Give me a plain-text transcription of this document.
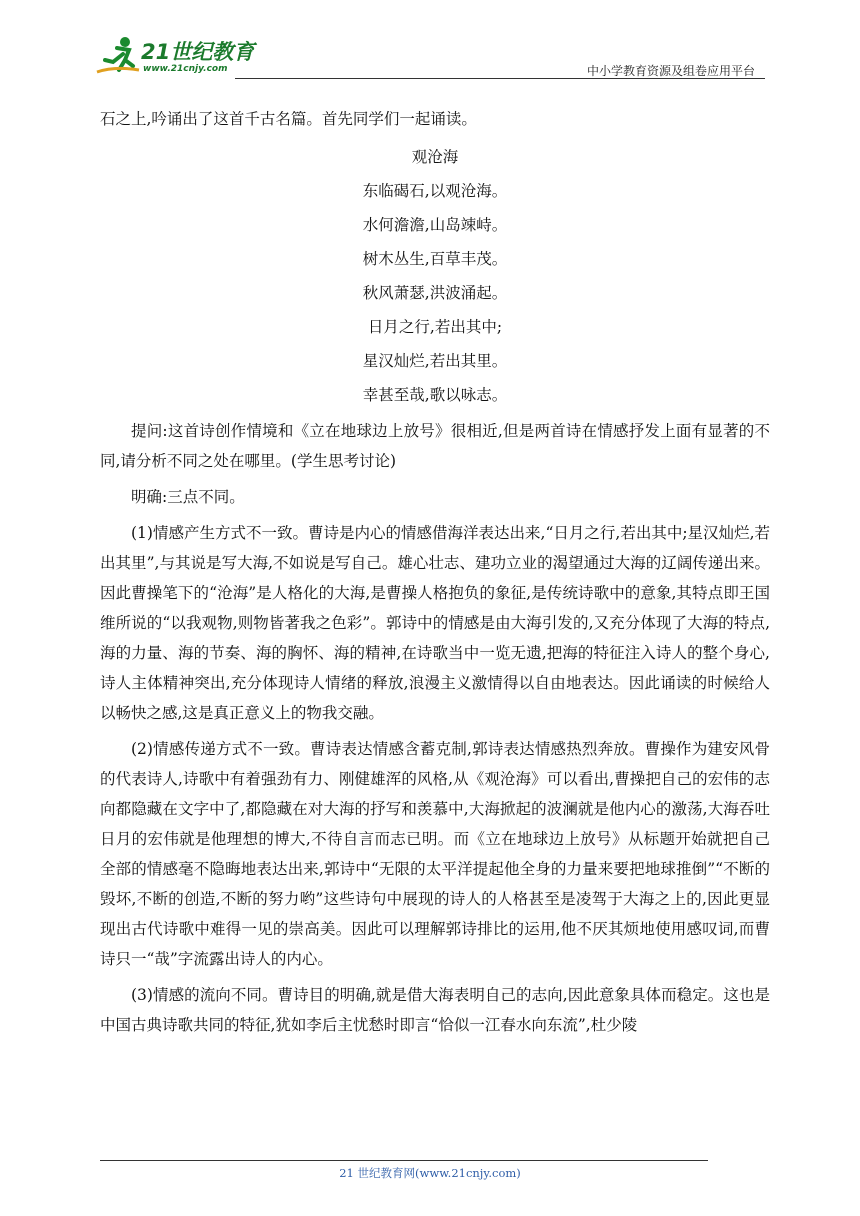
21世纪教育
www.21cnjy.com	中小学教育资源及组卷应用平台

石之上,吟诵出了这首千古名篇。首先同学们一起诵读。

观沧海

东临碣石,以观沧海。

水何澹澹,山岛竦峙。

树木丛生,百草丰茂。

秋风萧瑟,洪波涌起。

日月之行,若出其中;

星汉灿烂,若出其里。

幸甚至哉,歌以咏志。

提问:这首诗创作情境和《立在地球边上放号》很相近,但是两首诗在情感抒发上面有显著的不同,请分析不同之处在哪里。(学生思考讨论)

明确:三点不同。

(1)情感产生方式不一致。曹诗是内心的情感借海洋表达出来,“日月之行,若出其中;星汉灿烂,若出其里”,与其说是写大海,不如说是写自己。雄心壮志、建功立业的渴望通过大海的辽阔传递出来。因此曹操笔下的“沧海”是人格化的大海,是曹操人格抱负的象征,是传统诗歌中的意象,其特点即王国维所说的“以我观物,则物皆著我之色彩”。郭诗中的情感是由大海引发的,又充分体现了大海的特点,海的力量、海的节奏、海的胸怀、海的精神,在诗歌当中一览无遗,把海的特征注入诗人的整个身心,诗人主体精神突出,充分体现诗人情绪的释放,浪漫主义激情得以自由地表达。因此诵读的时候给人以畅快之感,这是真正意义上的物我交融。

(2)情感传递方式不一致。曹诗表达情感含蓄克制,郭诗表达情感热烈奔放。曹操作为建安风骨的代表诗人,诗歌中有着强劲有力、刚健雄浑的风格,从《观沧海》可以看出,曹操把自己的宏伟的志向都隐藏在文字中了,都隐藏在对大海的抒写和羡慕中,大海掀起的波澜就是他内心的激荡,大海吞吐日月的宏伟就是他理想的博大,不待自言而志已明。而《立在地球边上放号》从标题开始就把自己全部的情感毫不隐晦地表达出来,郭诗中“无限的太平洋提起他全身的力量来要把地球推倒”“不断的毁坏,不断的创造,不断的努力哟”这些诗句中展现的诗人的人格甚至是凌驾于大海之上的,因此更显现出古代诗歌中难得一见的崇高美。因此可以理解郭诗排比的运用,他不厌其烦地使用感叹词,而曹诗只一“哉”字流露出诗人的内心。

(3)情感的流向不同。曹诗目的明确,就是借大海表明自己的志向,因此意象具体而稳定。这也是中国古典诗歌共同的特征,犹如李后主忧愁时即言“恰似一江春水向东流”,杜少陵

21 世纪教育网(www.21cnjy.com)
